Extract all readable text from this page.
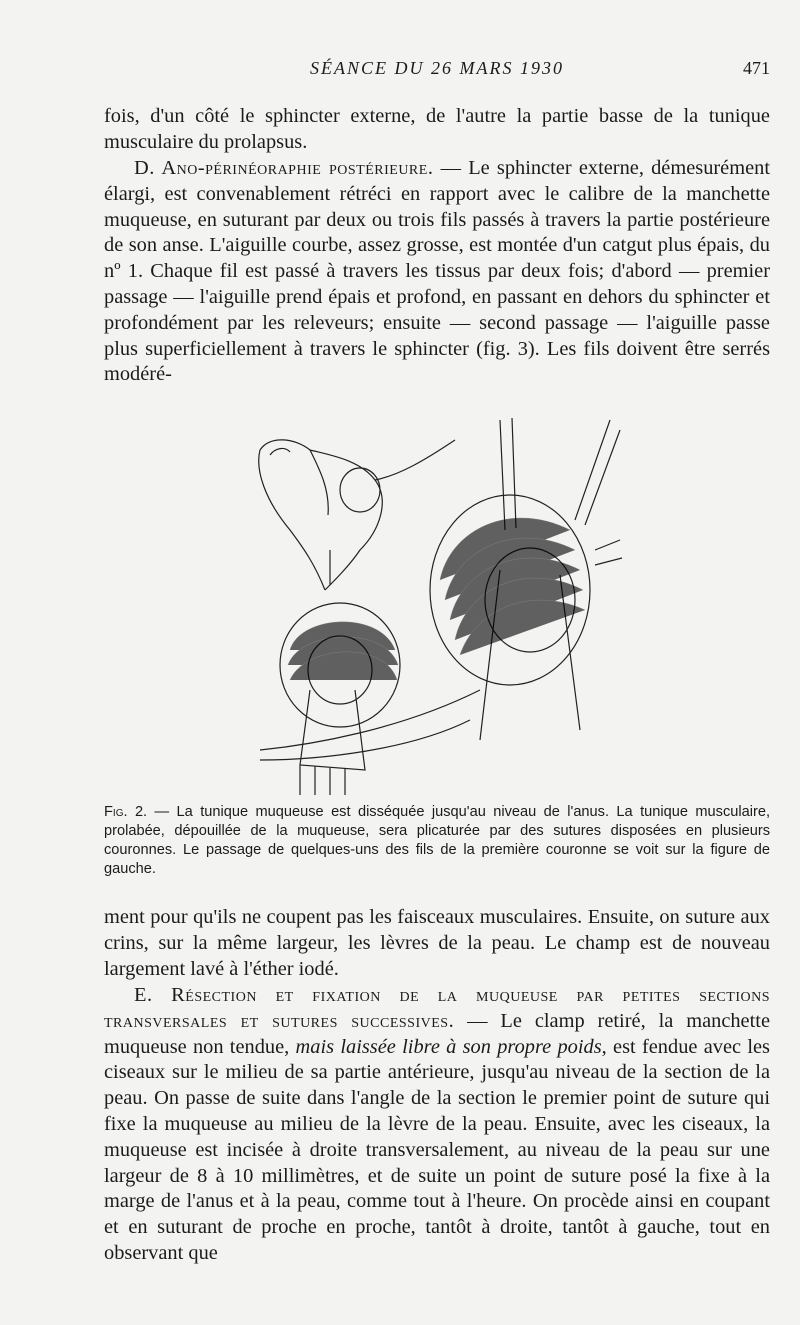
SÉANCE DU 26 MARS 1930	471
fois, d'un côté le sphincter externe, de l'autre la partie basse de la tunique musculaire du prolapsus.
D. Ano-périnéoraphie postérieure. — Le sphincter externe, démesurément élargi, est convenablement rétréci en rapport avec le calibre de la manchette muqueuse, en suturant par deux ou trois fils passés à travers la partie postérieure de son anse. L'aiguille courbe, assez grosse, est montée d'un catgut plus épais, du nº 1. Chaque fil est passé à travers les tissus par deux fois; d'abord — premier passage — l'aiguille prend épais et profond, en passant en dehors du sphincter et profondément par les releveurs; ensuite — second passage — l'aiguille passe plus superficiellement à travers le sphincter (fig. 3). Les fils doivent être serrés modéré-
Fig. 2. — La tunique muqueuse est disséquée jusqu'au niveau de l'anus. La tunique musculaire, prolabée, dépouillée de la muqueuse, sera plicaturée par des sutures disposées en plusieurs couronnes. Le passage de quelques-uns des fils de la première couronne se voit sur la figure de gauche.
ment pour qu'ils ne coupent pas les faisceaux musculaires. Ensuite, on suture aux crins, sur la même largeur, les lèvres de la peau. Le champ est de nouveau largement lavé à l'éther iodé.
E. Résection et fixation de la muqueuse par petites sections transversales et sutures successives. — Le clamp retiré, la manchette muqueuse non tendue, mais laissée libre à son propre poids, est fendue avec les ciseaux sur le milieu de sa partie antérieure, jusqu'au niveau de la section de la peau. On passe de suite dans l'angle de la section le premier point de suture qui fixe la muqueuse au milieu de la lèvre de la peau. Ensuite, avec les ciseaux, la muqueuse est incisée à droite transversalement, au niveau de la peau sur une largeur de 8 à 10 millimètres, et de suite un point de suture posé la fixe à la marge de l'anus et à la peau, comme tout à l'heure. On procède ainsi en coupant et en suturant de proche en proche, tantôt à droite, tantôt à gauche, tout en observant que
